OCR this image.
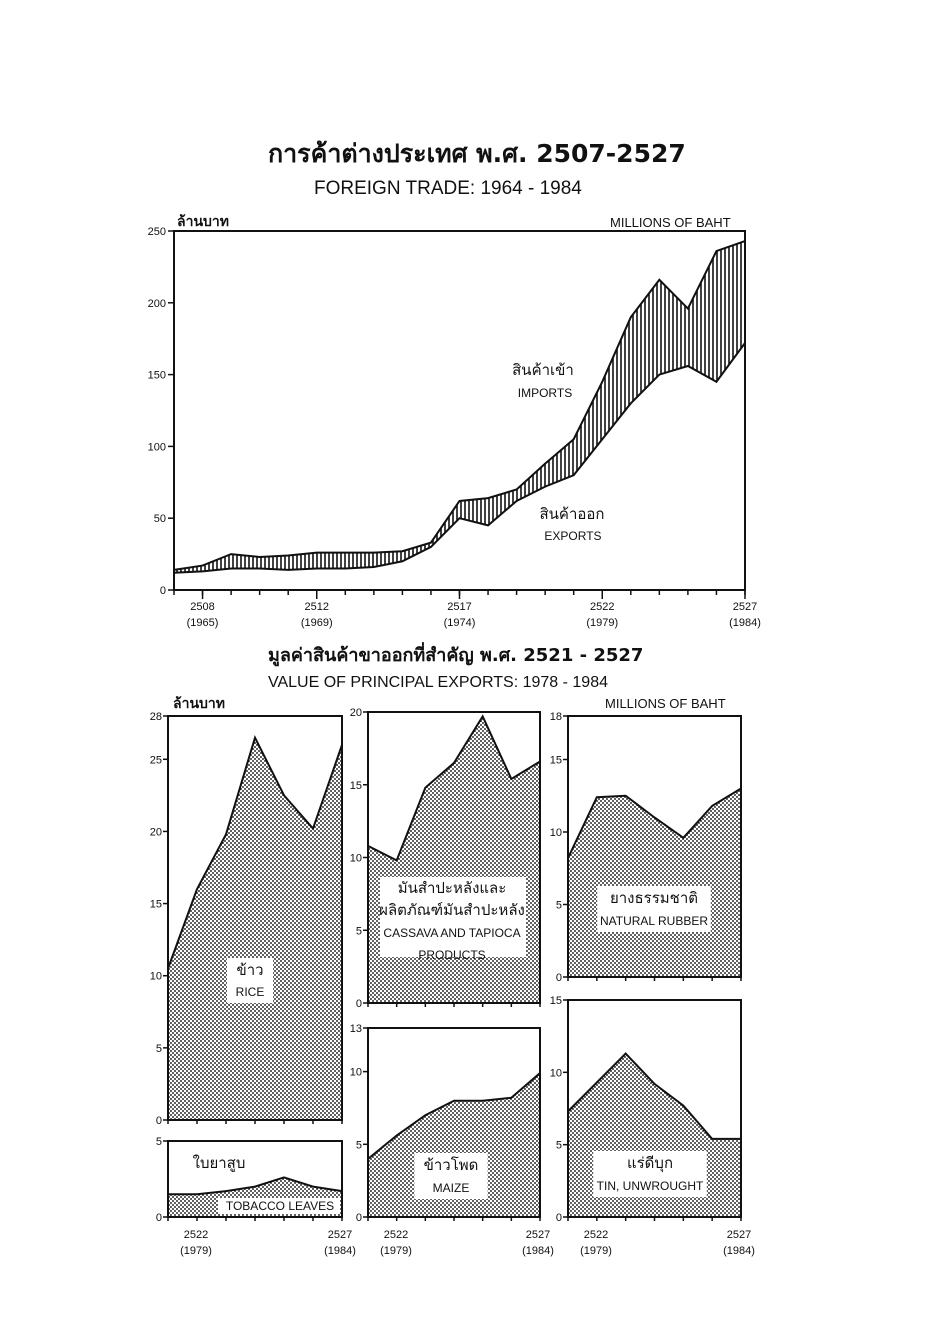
การค้าต่างประเทศ พ.ศ. 2507-2527
FOREIGN TRADE: 1964 - 1984
ล้านบาท	MILLIONS OF BAHT
มูลค่าสินค้าขาออกที่สำคัญ พ.ศ. 2521 - 2527
VALUE OF PRINCIPAL EXPORTS: 1978 - 1984
ล้านบาท	MILLIONS OF BAHT
0
50
100
150
200
250
2508
(1965)
2512
(1969)
2517
(1974)
2522
(1979)
2527
(1984)
0
5
10
15
20
25
28
0
5
0
5
10
15
20
0
5
10
15
18
0
5
10
13
0
5
10
15
2522
(1979)
2527
(1984)
2522
(1979)
2527
(1984)
2522
(1979)
2527
(1984)
สินค้าเข้า
IMPORTS
สินค้าออก
EXPORTS
ข้าว
RICE
ใบยาสูบ
TOBACCO LEAVES
มันสำปะหลังและ
ผลิตภัณฑ์มันสำปะหลัง
CASSAVA AND TAPIOCA
PRODUCTS
ยางธรรมชาติ
NATURAL RUBBER
ข้าวโพด
MAIZE
แร่ดีบุก
TIN, UNWROUGHT
